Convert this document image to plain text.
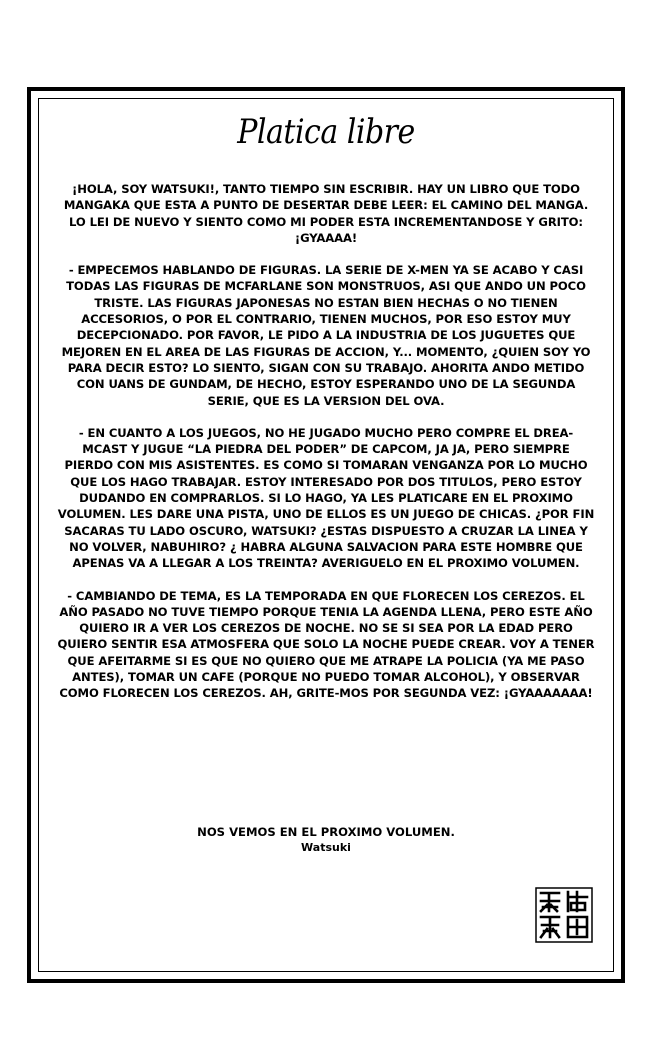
Platica libre

¡HOLA, SOY WATSUKI!, TANTO TIEMPO SIN ESCRIBIR. HAY UN LIBRO QUE TODO MANGAKA QUE ESTA A PUNTO DE DESERTAR DEBE LEER: EL CAMINO DEL MANGA. LO LEI DE NUEVO Y SIENTO COMO MI PODER ESTA INCREMENTANDOSE Y GRITO: ¡GYAAAA!

- EMPECEMOS HABLANDO DE FIGURAS. LA SERIE DE X-MEN YA SE ACABO Y CASI TODAS LAS FIGURAS DE MCFARLANE SON MONSTRUOS, ASI QUE ANDO UN POCO TRISTE. LAS FIGURAS JAPONESAS NO ESTAN BIEN HECHAS O NO TIENEN ACCESORIOS, O POR EL CONTRARIO, TIENEN MUCHOS, POR ESO ESTOY MUY DECEPCIONADO. POR FAVOR, LE PIDO A LA INDUSTRIA DE LOS JUGUETES QUE MEJOREN EN EL AREA DE LAS FIGURAS DE ACCION, Y... MOMENTO, ¿QUIEN SOY YO PARA DECIR ESTO? LO SIENTO, SIGAN CON SU TRABAJO. AHORITA ANDO METIDO CON UANS DE GUNDAM, DE HECHO, ESTOY ESPERANDO UNO DE LA SEGUNDA SERIE, QUE ES LA VERSION DEL OVA.

- EN CUANTO A LOS JUEGOS, NO HE JUGADO MUCHO PERO COMPRE EL DREA-MCAST Y JUGUE “LA PIEDRA DEL PODER” DE CAPCOM, JA JA, PERO SIEMPRE PIERDO CON MIS ASISTENTES. ES COMO SI TOMARAN VENGANZA POR LO MUCHO QUE LOS HAGO TRABAJAR. ESTOY INTERESADO POR DOS TITULOS, PERO ESTOY DUDANDO EN COMPRARLOS. SI LO HAGO, YA LES PLATICARE EN EL PROXIMO VOLUMEN. LES DARE UNA PISTA, UNO DE ELLOS ES UN JUEGO DE CHICAS. ¿POR FIN SACARAS TU LADO OSCURO, WATSUKI? ¿ESTAS DISPUESTO A CRUZAR LA LINEA Y NO VOLVER, NABUHIRO? ¿ HABRA ALGUNA SALVACION PARA ESTE HOMBRE QUE APENAS VA A LLEGAR A LOS TREINTA? AVERIGUELO EN EL PROXIMO VOLUMEN.

- CAMBIANDO DE TEMA, ES LA TEMPORADA EN QUE FLORECEN LOS CEREZOS. EL AÑO PASADO NO TUVE TIEMPO PORQUE TENIA LA AGENDA LLENA, PERO ESTE AÑO QUIERO IR A VER LOS CEREZOS DE NOCHE. NO SE SI SEA POR LA EDAD PERO QUIERO SENTIR ESA ATMOSFERA QUE SOLO LA NOCHE PUEDE CREAR. VOY A TENER QUE AFEITARME SI ES QUE NO QUIERO QUE ME ATRAPE LA POLICIA (YA ME PASO ANTES), TOMAR UN CAFE (PORQUE NO PUEDO TOMAR ALCOHOL), Y OBSERVAR COMO FLORECEN LOS CEREZOS. AH, GRITE-MOS POR SEGUNDA VEZ: ¡GYAAAAAAA!

NOS VEMOS EN EL PROXIMO VOLUMEN.
Watsuki
